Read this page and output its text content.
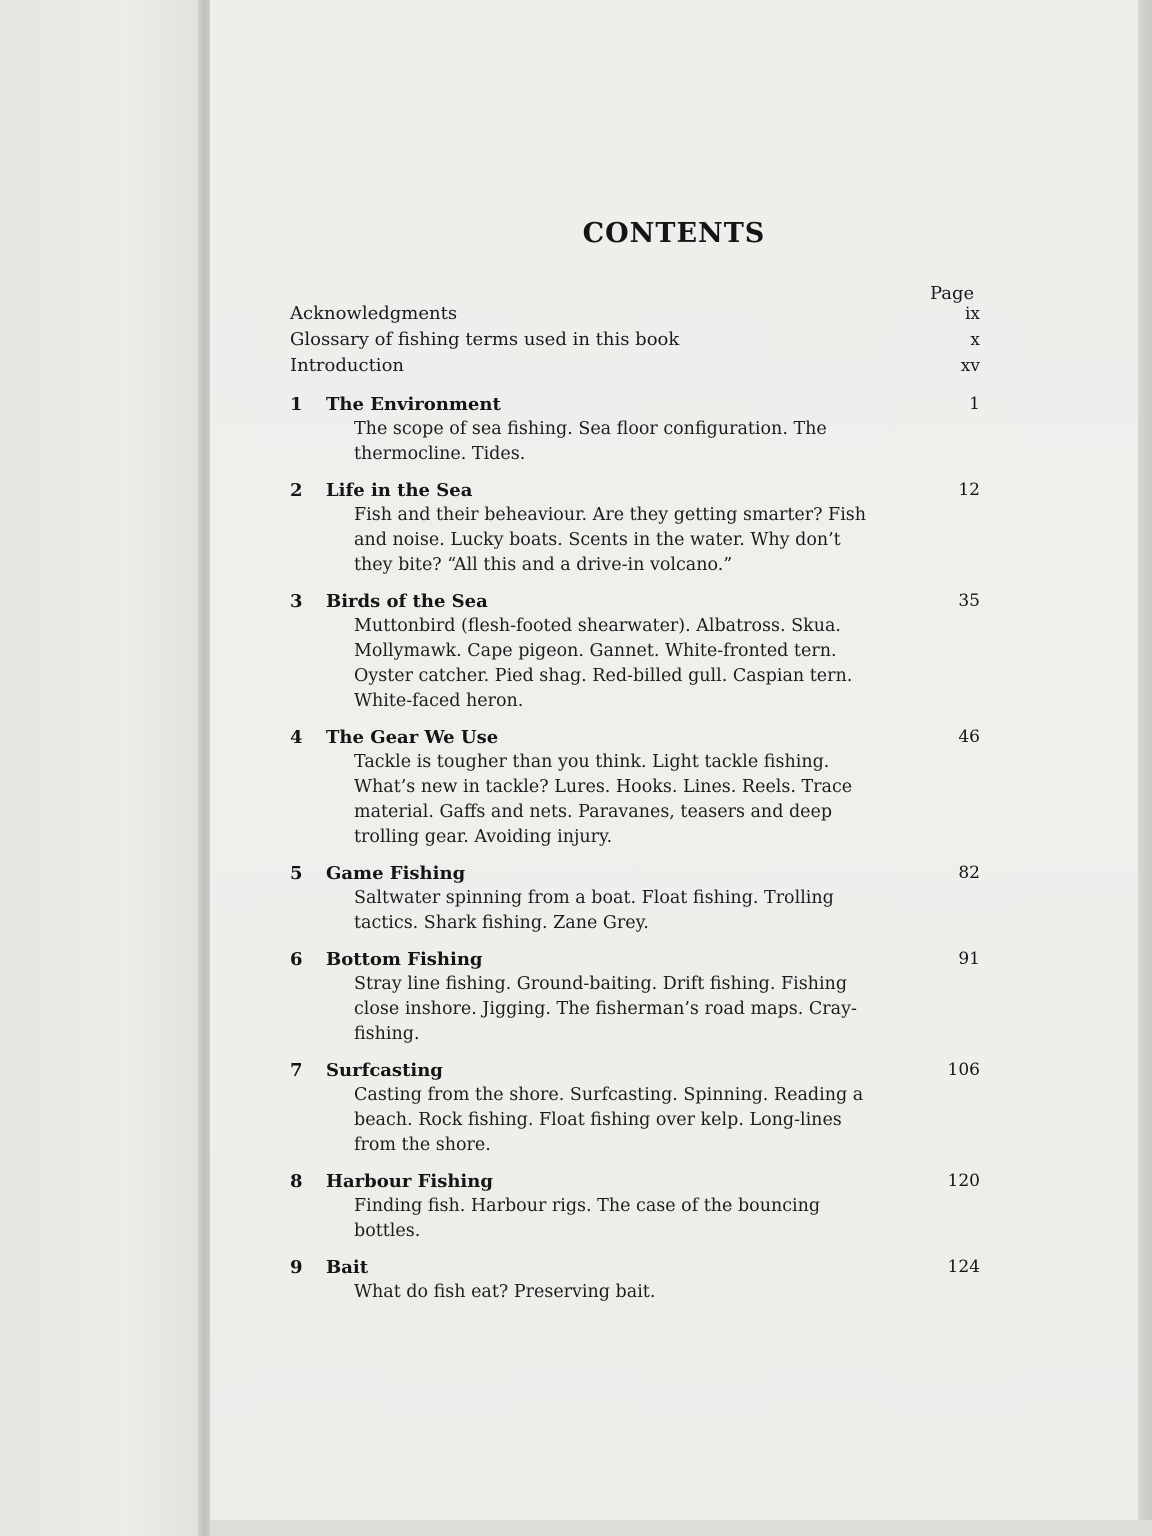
CONTENTS
Page
Acknowledgments	ix
Glossary of fishing terms used in this book	x
Introduction	xv
1	The Environment	1
The scope of sea fishing. Sea floor configuration. The
thermocline. Tides.
2	Life in the Sea	12
Fish and their beheaviour. Are they getting smarter? Fish
and noise. Lucky boats. Scents in the water. Why don’t
they bite? “All this and a drive-in volcano.”
3	Birds of the Sea	35
Muttonbird (flesh-footed shearwater). Albatross. Skua.
Mollymawk. Cape pigeon. Gannet. White-fronted tern.
Oyster catcher. Pied shag. Red-billed gull. Caspian tern.
White-faced heron.
4	The Gear We Use	46
Tackle is tougher than you think. Light tackle fishing.
What’s new in tackle? Lures. Hooks. Lines. Reels. Trace
material. Gaffs and nets. Paravanes, teasers and deep
trolling gear. Avoiding injury.
5	Game Fishing	82
Saltwater spinning from a boat. Float fishing. Trolling
tactics. Shark fishing. Zane Grey.
6	Bottom Fishing	91
Stray line fishing. Ground-baiting. Drift fishing. Fishing
close inshore. Jigging. The fisherman’s road maps. Cray-
fishing.
7	Surfcasting	106
Casting from the shore. Surfcasting. Spinning. Reading a
beach. Rock fishing. Float fishing over kelp. Long-lines
from the shore.
8	Harbour Fishing	120
Finding fish. Harbour rigs. The case of the bouncing
bottles.
9	Bait	124
What do fish eat? Preserving bait.
